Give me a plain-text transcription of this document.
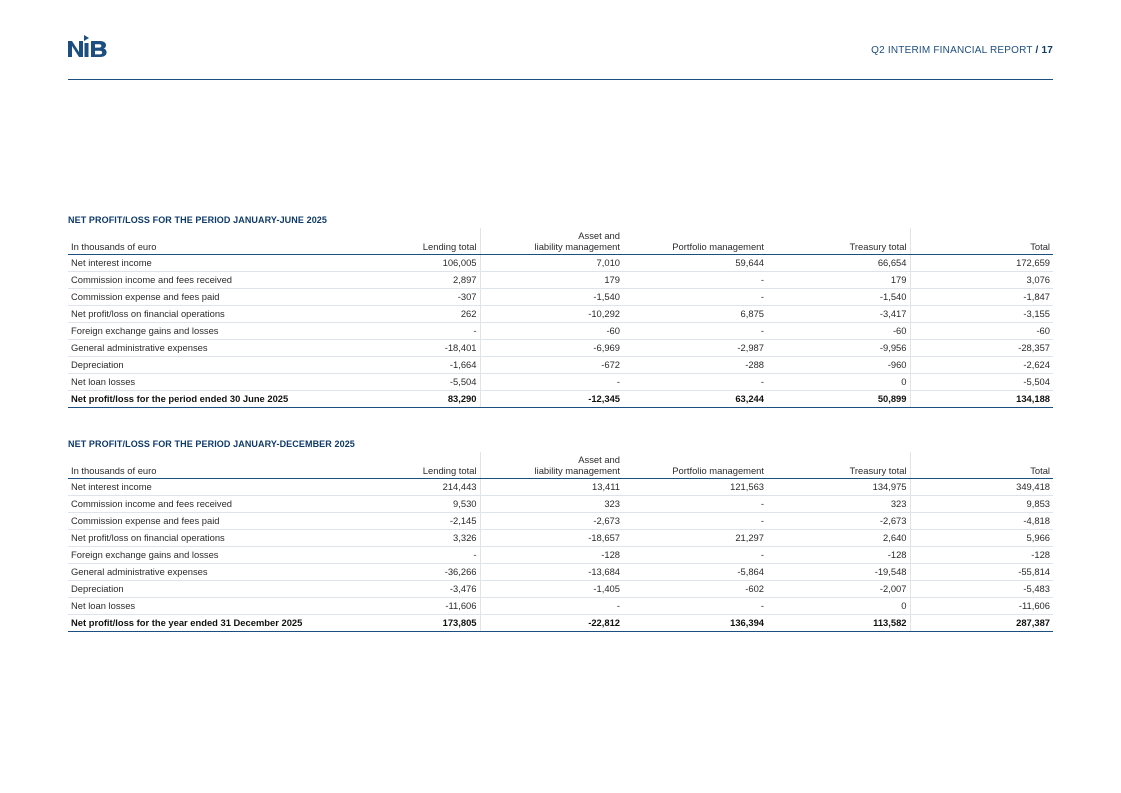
Q2 INTERIM FINANCIAL REPORT / 17
NET PROFIT/LOSS FOR THE PERIOD JANUARY-JUNE 2025
In thousands of euro	Lending total	Asset and
liability management	Portfolio management	Treasury total	Total
Net interest income	106,005	7,010	59,644	66,654	172,659
Commission income and fees received	2,897	179	-	179	3,076
Commission expense and fees paid	-307	-1,540	-	-1,540	-1,847
Net profit/loss on financial operations	262	-10,292	6,875	-3,417	-3,155
Foreign exchange gains and losses	-	-60	-	-60	-60
General administrative expenses	-18,401	-6,969	-2,987	-9,956	-28,357
Depreciation	-1,664	-672	-288	-960	-2,624
Net loan losses	-5,504	-	-	0	-5,504
Net profit/loss for the period ended 30 June 2025	83,290	-12,345	63,244	50,899	134,188
NET PROFIT/LOSS FOR THE PERIOD JANUARY-DECEMBER 2025
In thousands of euro	Lending total	Asset and
liability management	Portfolio management	Treasury total	Total
Net interest income	214,443	13,411	121,563	134,975	349,418
Commission income and fees received	9,530	323	-	323	9,853
Commission expense and fees paid	-2,145	-2,673	-	-2,673	-4,818
Net profit/loss on financial operations	3,326	-18,657	21,297	2,640	5,966
Foreign exchange gains and losses	-	-128	-	-128	-128
General administrative expenses	-36,266	-13,684	-5,864	-19,548	-55,814
Depreciation	-3,476	-1,405	-602	-2,007	-5,483
Net loan losses	-11,606	-	-	0	-11,606
Net profit/loss for the year ended 31 December 2025	173,805	-22,812	136,394	113,582	287,387
